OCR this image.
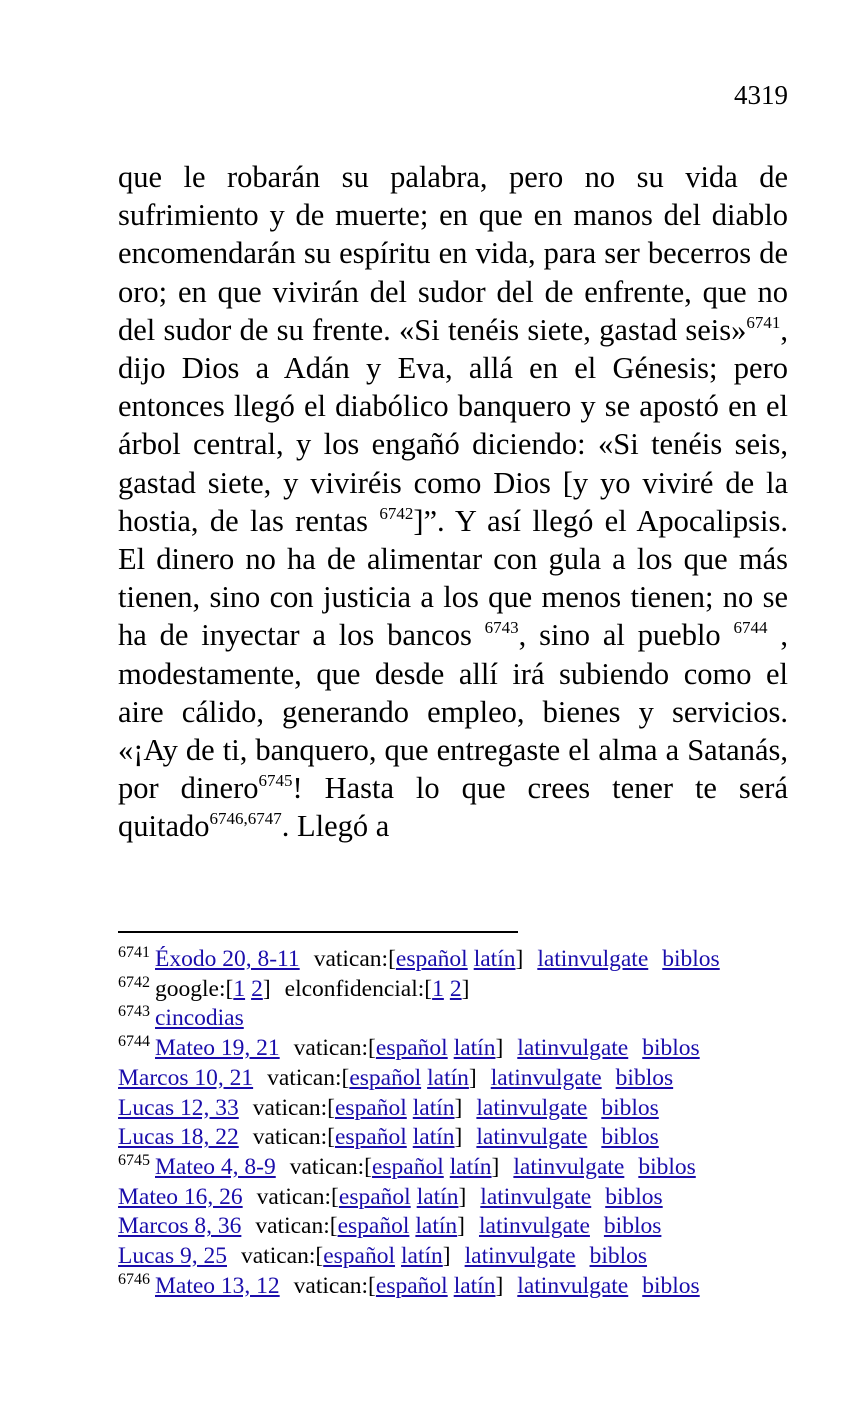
4319
que le robarán su palabra, pero no su vida de sufrimiento y de muerte; en que en manos del diablo encomendarán su espíritu en vida, para ser becerros de oro; en que vivirán del sudor del de enfrente, que no del sudor de su frente. «Si tenéis siete, gastad seis»$^{6741}$, dijo Dios a Adán y Eva, allá en el Génesis; pero entonces llegó el diabólico banquero y se apostó en el árbol central, y los engañó diciendo: «Si tenéis seis, gastad siete, y viviréis como Dios [y yo viviré de la hostia, de las rentas $^{6742}$]”. Y así llegó el Apocalipsis. El dinero no ha de alimentar con gula a los que más tienen, sino con justicia a los que menos tienen; no se ha de inyectar a los bancos $^{6743}$, sino al pueblo $^{6744}$ , modestamente, que desde allí irá subiendo como el aire cálido, generando empleo, bienes y servicios. «¡Ay de ti, banquero, que entregaste el alma a Satanás, por dinero$^{6745}$! Hasta lo que crees tener te será quitado$^{6746,6747}$. Llegó a
$^{6741}$ Éxodo 20, 8-11 vatican:[español latín] latinvulgate biblos
$^{6742}$ google:[1 2] elconfidencial:[1 2]
$^{6743}$ cincodias
$^{6744}$ Mateo 19, 21 vatican:[español latín] latinvulgate biblos
Marcos 10, 21 vatican:[español latín] latinvulgate biblos
Lucas 12, 33 vatican:[español latín] latinvulgate biblos
Lucas 18, 22 vatican:[español latín] latinvulgate biblos
$^{6745}$ Mateo 4, 8-9 vatican:[español latín] latinvulgate biblos
Mateo 16, 26 vatican:[español latín] latinvulgate biblos
Marcos 8, 36 vatican:[español latín] latinvulgate biblos
Lucas 9, 25 vatican:[español latín] latinvulgate biblos
$^{6746}$ Mateo 13, 12 vatican:[español latín] latinvulgate biblos
